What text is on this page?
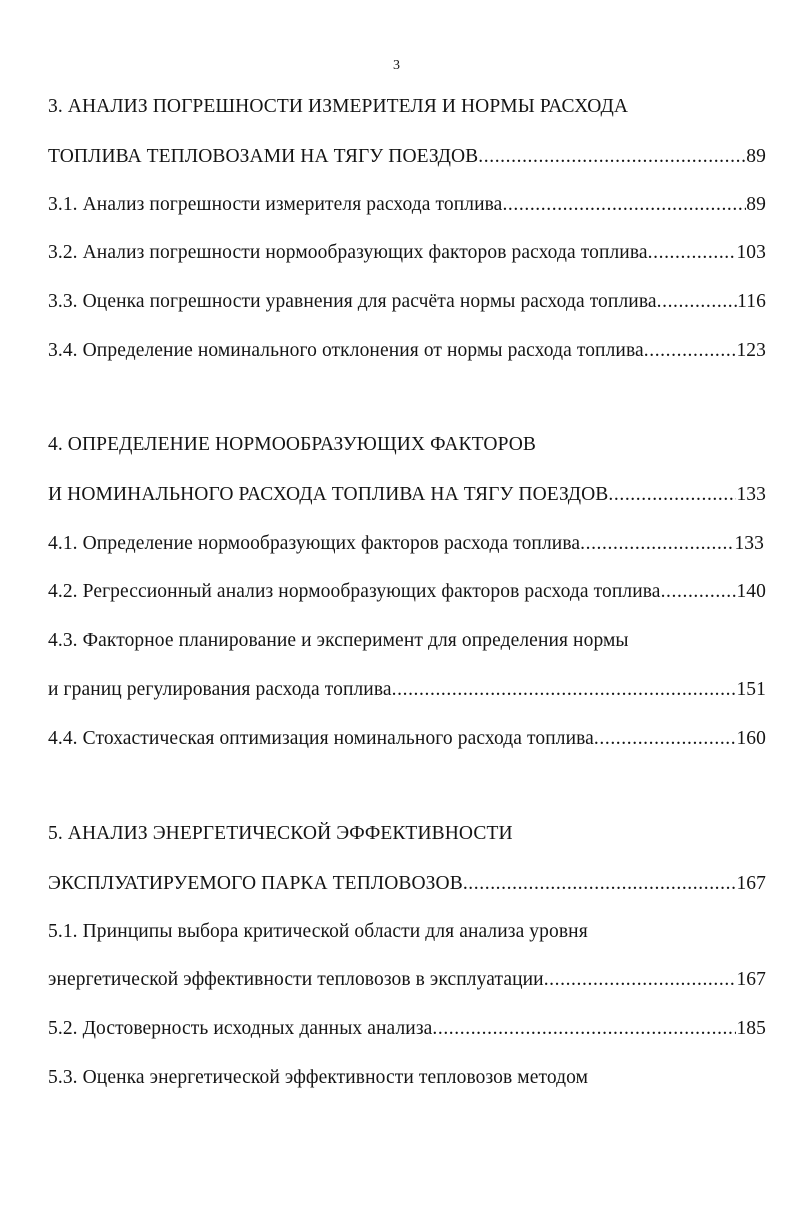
3
3. АНАЛИЗ ПОГРЕШНОСТИ ИЗМЕРИТЕЛЯ И НОРМЫ РАСХОДА
ТОПЛИВА ТЕПЛОВОЗАМИ НА ТЯГУ ПОЕЗДОВ .....	89
3.1. Анализ погрешности измерителя расхода топлива .....	89
3.2. Анализ погрешности нормообразующих факторов расхода топлива .....	103
3.3. Оценка погрешности уравнения для расчёта нормы расхода топлива .....	116
3.4. Определение номинального отклонения от нормы расхода топлива .....	123
4. ОПРЕДЕЛЕНИЕ НОРМООБРАЗУЮЩИХ ФАКТОРОВ
И НОМИНАЛЬНОГО РАСХОДА ТОПЛИВА НА ТЯГУ ПОЕЗДОВ .....	133
4.1. Определение нормообразующих факторов расхода топлива .....	133
4.2. Регрессионный анализ нормообразующих факторов расхода топлива .....	140
4.3. Факторное планирование и эксперимент для определения нормы
и границ регулирования расхода топлива .....	151
4.4. Стохастическая оптимизация номинального расхода топлива .....	160
5. АНАЛИЗ ЭНЕРГЕТИЧЕСКОЙ ЭФФЕКТИВНОСТИ
ЭКСПЛУАТИРУЕМОГО ПАРКА ТЕПЛОВОЗОВ .....	167
5.1. Принципы выбора критической области для анализа уровня
энергетической эффективности тепловозов в эксплуатации .....	167
5.2. Достоверность исходных данных анализа .....	185
5.3. Оценка энергетической эффективности тепловозов методом
